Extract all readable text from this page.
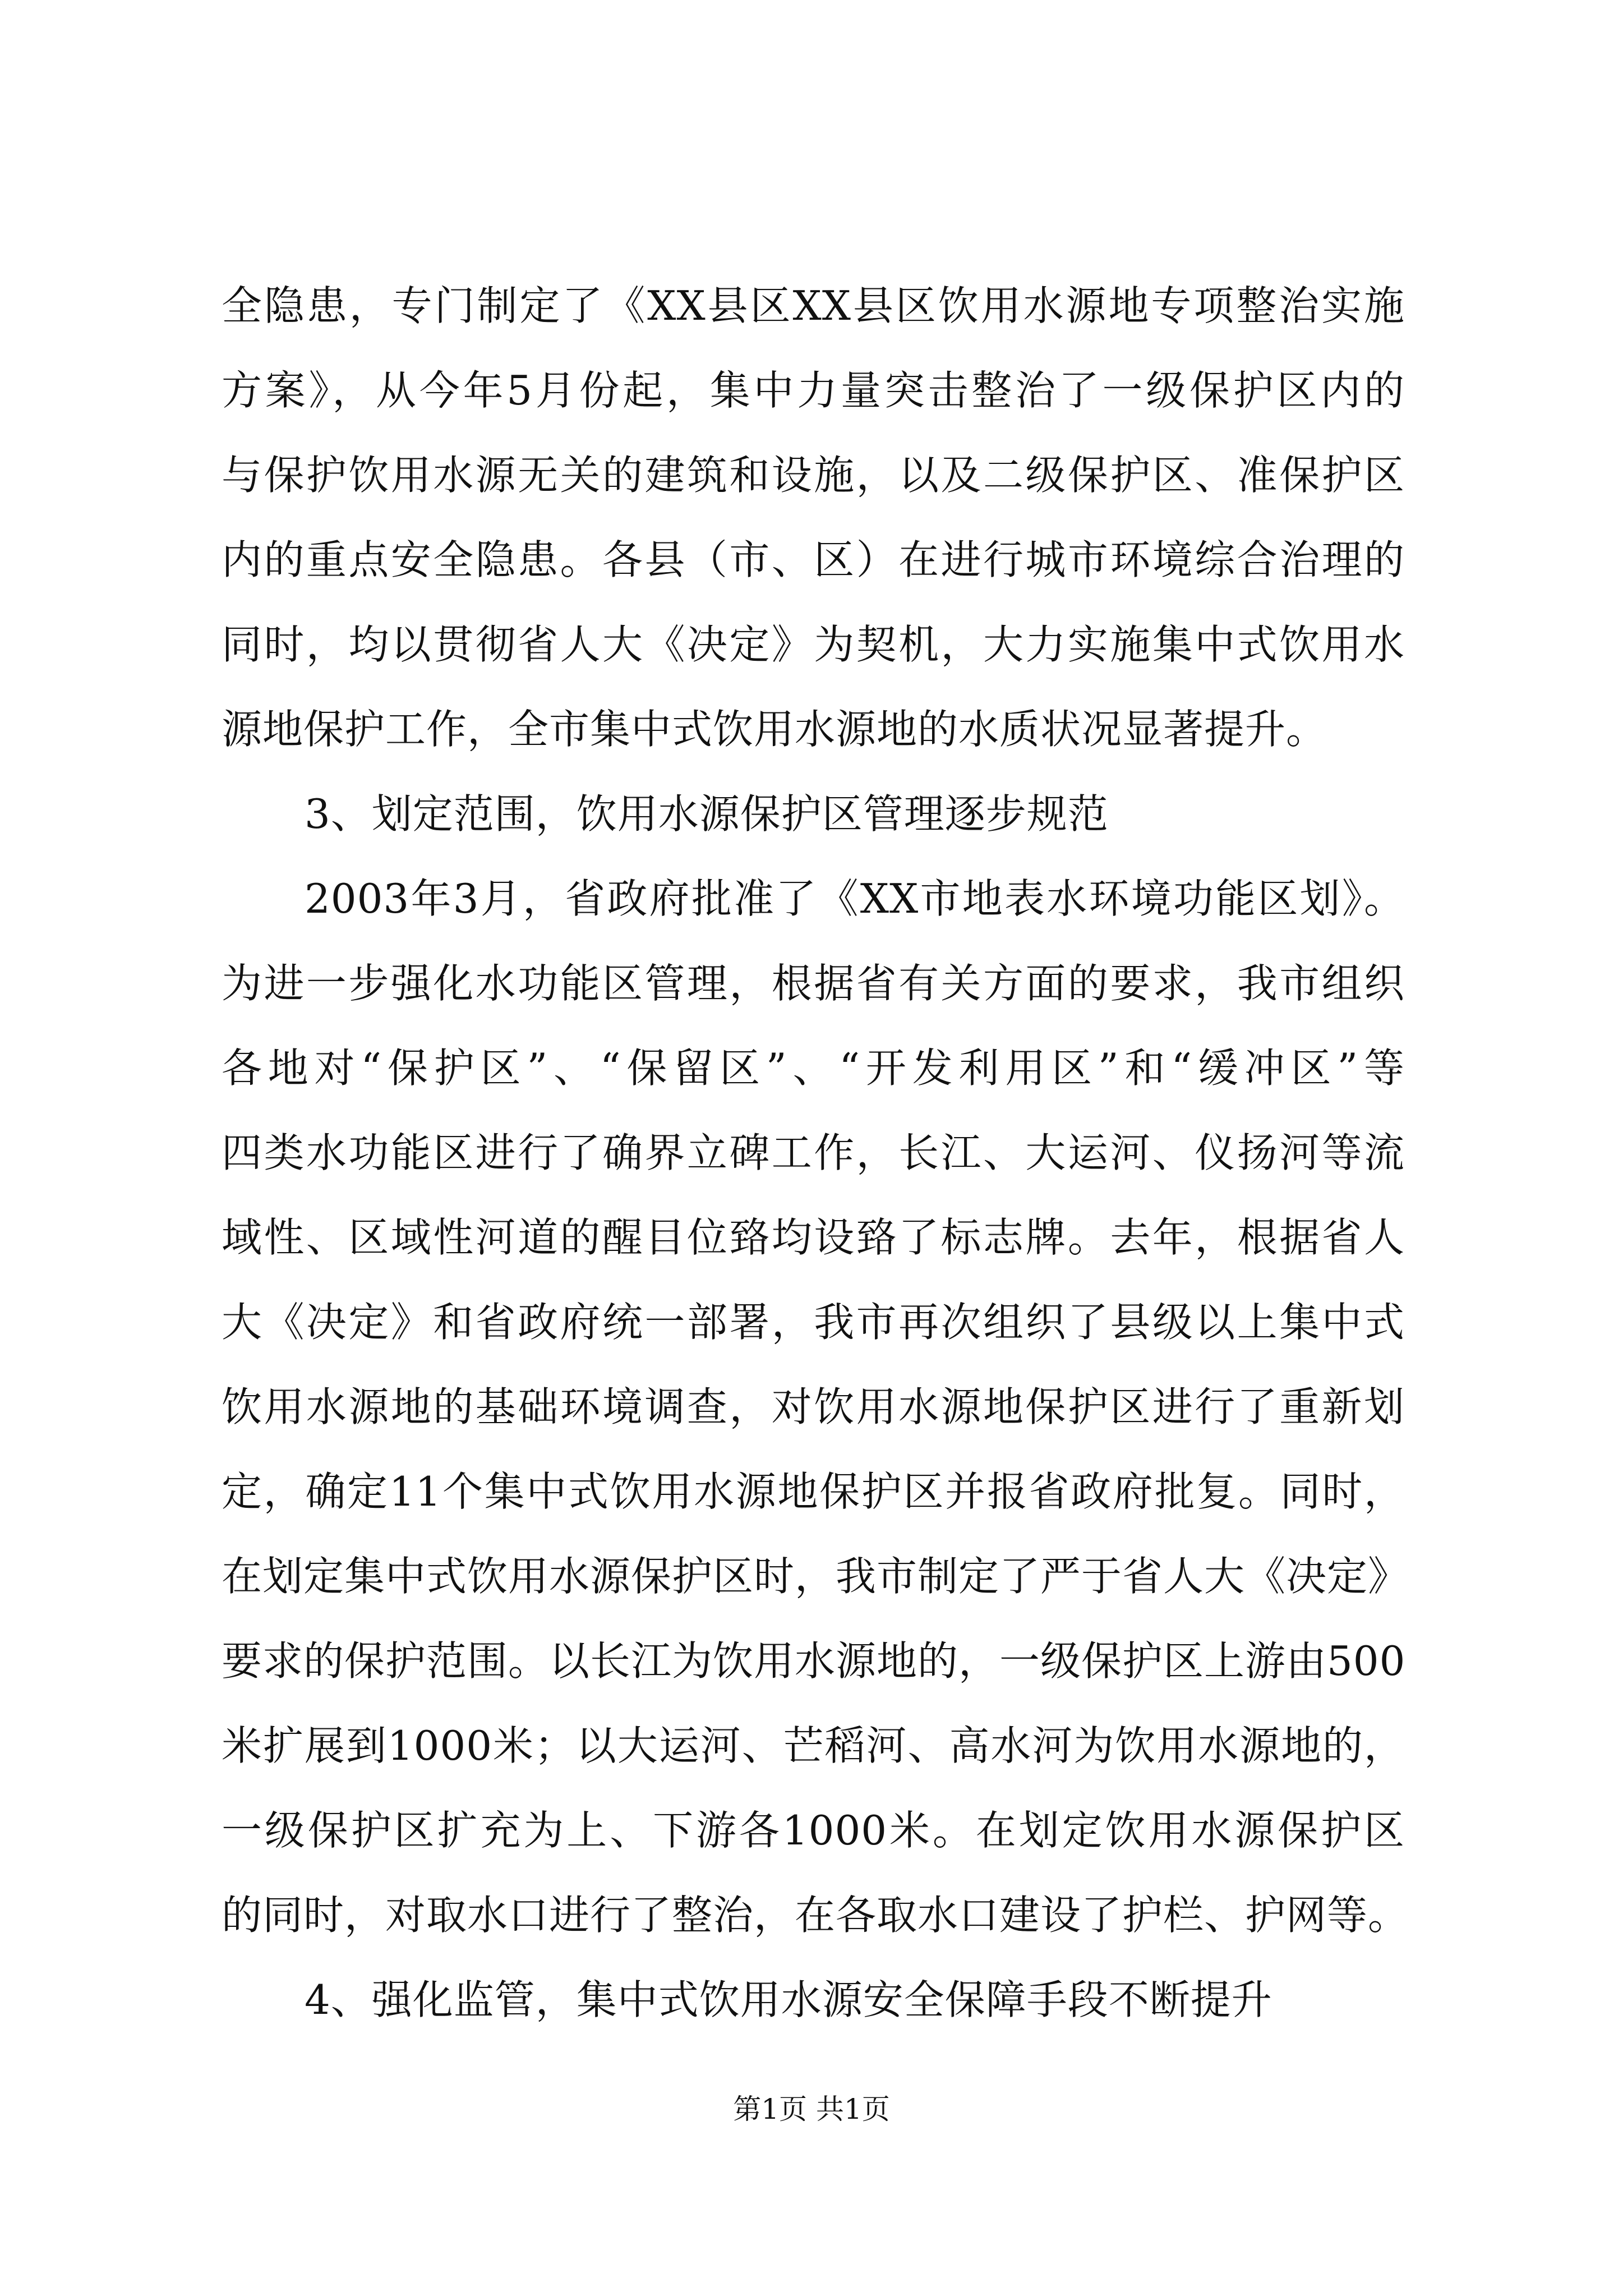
全隐患，专门制定了《XX县区XX县区饮用水源地专项整治实施
方案》，从今年5月份起，集中力量突击整治了一级保护区内的
与保护饮用水源无关的建筑和设施，以及二级保护区、准保护区
内的重点安全隐患。各县（市、区）在进行城市环境综合治理的
同时，均以贯彻省人大《决定》为契机，大力实施集中式饮用水
源地保护工作，全市集中式饮用水源地的水质状况显著提升。
3、划定范围，饮用水源保护区管理逐步规范
2003年3月，省政府批准了《XX市地表水环境功能区划》。
为进一步强化水功能区管理，根据省有关方面的要求，我市组织
各地对“保护区”、“保留区”、“开发利用区”和“缓冲区”等
四类水功能区进行了确界立碑工作，长江、大运河、仪扬河等流
域性、区域性河道的醒目位臵均设臵了标志牌。去年，根据省人
大《决定》和省政府统一部署，我市再次组织了县级以上集中式
饮用水源地的基础环境调查，对饮用水源地保护区进行了重新划
定，确定11个集中式饮用水源地保护区并报省政府批复。同时，
在划定集中式饮用水源保护区时，我市制定了严于省人大《决定》
要求的保护范围。以长江为饮用水源地的，一级保护区上游由500
米扩展到1000米；以大运河、芒稻河、高水河为饮用水源地的，
一级保护区扩充为上、下游各1000米。在划定饮用水源保护区
的同时，对取水口进行了整治，在各取水口建设了护栏、护网等。
4、强化监管，集中式饮用水源安全保障手段不断提升
第1页 共1页
